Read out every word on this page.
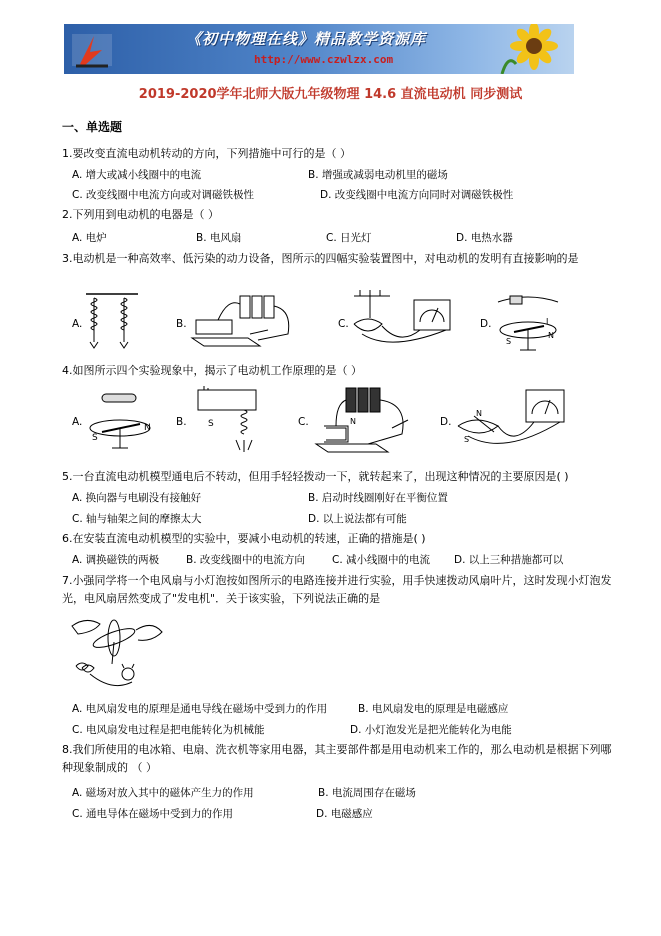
《初中物理在线》精品教学资源库
http://www.czwlzx.com
2019-2020学年北师大版九年级物理 14.6 直流电动机 同步测试
一、单选题
1.要改变直流电动机转动的方向，下列措施中可行的是（ ）
A. 增大或减小线圈中的电流	B. 增强或减弱电动机里的磁场
C. 改变线圈中电流方向或对调磁铁极性	D. 改变线圈中电流方向同时对调磁铁极性
2.下列用到电动机的电器是（ ）
A. 电炉	B. 电风扇	C. 日光灯	D. 电热水器
3.电动机是一种高效率、低污染的动力设备，图所示的四幅实验装置图中，对电动机的发明有直接影响的是
A.	B.	C.	D.	I
S
N
4.如图所示四个实验现象中，揭示了电动机工作原理的是（ ）
A.
S
N B. S	C.	N	D.
N
S
5.一台直流电动机模型通电后不转动，但用手轻轻拨动一下，就转起来了，出现这种情况的主要原因是( )
A. 换向器与电刷没有接触好	B. 启动时线圈刚好在平衡位置
C. 轴与轴架之间的摩擦太大	D. 以上说法都有可能
6.在安装直流电动机模型的实验中，要减小电动机的转速，正确的措施是( )
A. 调换磁铁的两极	B. 改变线圈中的电流方向	C. 减小线圈中的电流 D. 以上三种措施都可以
7.小强同学将一个电风扇与小灯泡按如图所示的电路连接并进行实验，用手快速拨动风扇叶片，这时发现小灯泡发光，电风扇居然变成了"发电机"．关于该实验，下列说法正确的是
A. 电风扇发电的原理是通电导线在磁场中受到力的作用	B. 电风扇发电的原理是电磁感应
C. 电风扇发电过程是把电能转化为机械能	D. 小灯泡发光是把光能转化为电能
8.我们所使用的电冰箱、电扇、洗衣机等家用电器，其主要部件都是用电动机来工作的，那么电动机是根据下列哪种现象制成的 （ ）
A. 磁场对放入其中的磁体产生力的作用	B. 电流周围存在磁场
C. 通电导体在磁场中受到力的作用	D. 电磁感应
